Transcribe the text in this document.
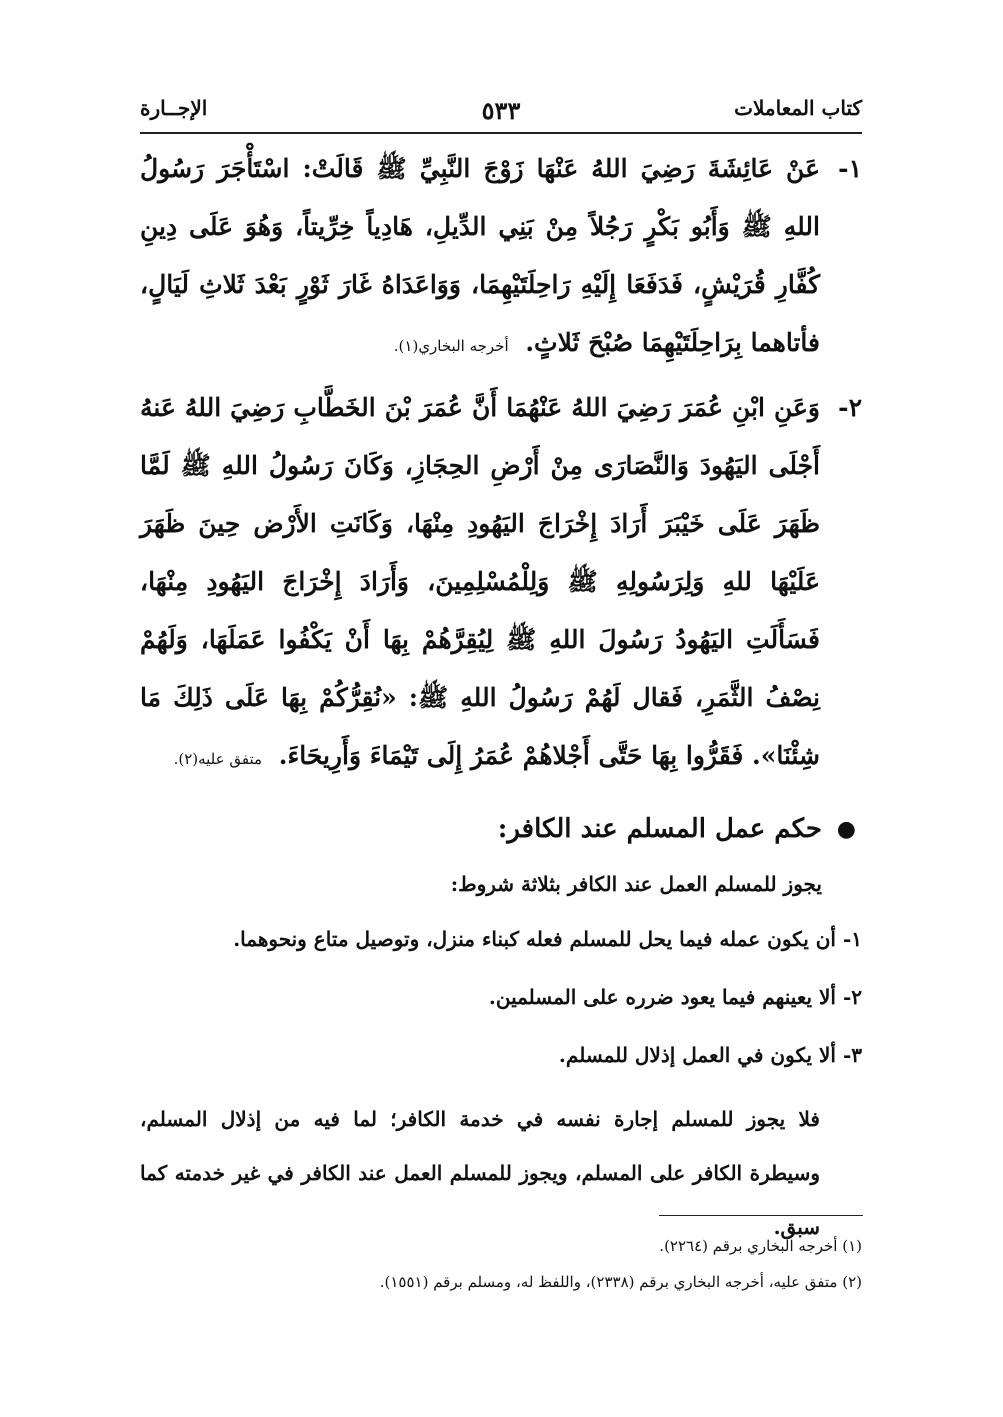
كتاب المعاملات
٥٣٣
الإجــارة

١-
عَنْ عَائِشَةَ رَضِيَ اللهُ عَنْهَا زَوْجَ النَّبِيِّ ﷺ قَالَتْ: اسْتَأْجَرَ رَسُولُ اللهِ ﷺ وَأَبُو بَكْرٍ رَجُلاً مِنْ بَنِي الدِّيلِ، هَادِياً خِرِّيتاً، وَهُوَ عَلَى دِينِ كُفَّارِ قُرَيْشٍ، فَدَفَعَا إِلَيْهِ رَاحِلَتَيْهِمَا، وَوَاعَدَاهُ غَارَ ثَوْرٍ بَعْدَ ثَلاثِ لَيَالٍ، فأتاهما بِرَاحِلَتَيْهِمَا صُبْحَ ثَلاثٍ. أخرجه البخاري(١).

٢-
وَعَنِ ابْنِ عُمَرَ رَضِيَ اللهُ عَنْهُمَا أَنَّ عُمَرَ بْنَ الخَطَّابِ رَضِيَ اللهُ عَنهُ أَجْلَى اليَهُودَ وَالنَّصَارَى مِنْ أَرْضِ الحِجَازِ، وَكَانَ رَسُولُ اللهِ ﷺ لَمَّا ظَهَرَ عَلَى خَيْبَرَ أَرَادَ إِخْرَاجَ اليَهُودِ مِنْهَا، وَكَانَتِ الأَرْض حِينَ ظَهَرَ عَلَيْهَا للهِ وَلِرَسُولِهِ ﷺ وَلِلْمُسْلِمِينَ، وَأَرَادَ إِخْرَاجَ اليَهُودِ مِنْهَا، فَسَأَلَتِ اليَهُودُ رَسُولَ اللهِ ﷺ لِيُقِرَّهُمْ بِهَا أَنْ يَكْفُوا عَمَلَهَا، وَلَهُمْ نِصْفُ الثَّمَرِ، فَقال لَهُمْ رَسُولُ اللهِ ﷺ: «نُقِرُّكُمْ بِهَا عَلَى ذَلِكَ مَا شِئْنَا». فَقَرُّوا بِهَا حَتَّى أَجْلاهُمْ عُمَرُ إِلَى تَيْمَاءَ وَأَرِيحَاءَ. متفق عليه(٢).

●
حكم عمل المسلم عند الكافر:
يجوز للمسلم العمل عند الكافر بثلاثة شروط:
١- أن يكون عمله فيما يحل للمسلم فعله كبناء منزل، وتوصيل متاع ونحوهما.
٢- ألا يعينهم فيما يعود ضرره على المسلمين.
٣- ألا يكون في العمل إذلال للمسلم.
فلا يجوز للمسلم إجارة نفسه في خدمة الكافر؛ لما فيه من إذلال المسلم، وسيطرة الكافر على المسلم، ويجوز للمسلم العمل عند الكافر في غير خدمته كما سبق.
(١) أخرجه البخاري برقم (٢٢٦٤).
(٢) متفق عليه، أخرجه البخاري برقم (٢٣٣٨)، واللفظ له، ومسلم برقم (١٥٥١).
